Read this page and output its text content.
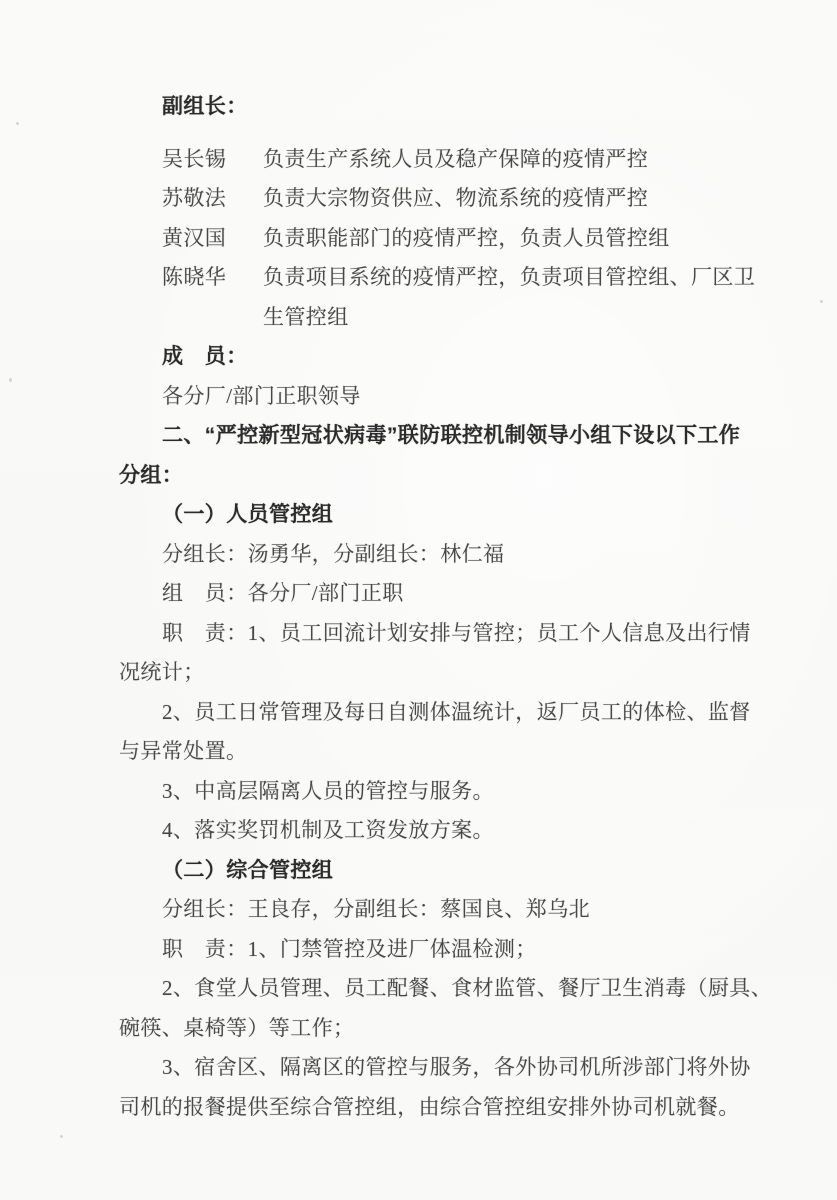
副组长：
吴长锡	负责生产系统人员及稳产保障的疫情严控
苏敬法	负责大宗物资供应、物流系统的疫情严控
黄汉国	负责职能部门的疫情严控，负责人员管控组
陈晓华	负责项目系统的疫情严控，负责项目管控组、厂区卫
生管控组
成　员：
各分厂/部门正职领导
二、“严控新型冠状病毒”联防联控机制领导小组下设以下工作
分组：
（一）人员管控组
分组长：汤勇华，分副组长：林仁福
组　员：各分厂/部门正职
职　责：1、员工回流计划安排与管控；员工个人信息及出行情
况统计；
2、员工日常管理及每日自测体温统计，返厂员工的体检、监督
与异常处置。
3、中高层隔离人员的管控与服务。
4、落实奖罚机制及工资发放方案。
（二）综合管控组
分组长：王良存，分副组长：蔡国良、郑乌北
职　责：1、门禁管控及进厂体温检测；
2、食堂人员管理、员工配餐、食材监管、餐厅卫生消毒（厨具、
碗筷、桌椅等）等工作；
3、宿舍区、隔离区的管控与服务，各外协司机所涉部门将外协
司机的报餐提供至综合管控组，由综合管控组安排外协司机就餐。
